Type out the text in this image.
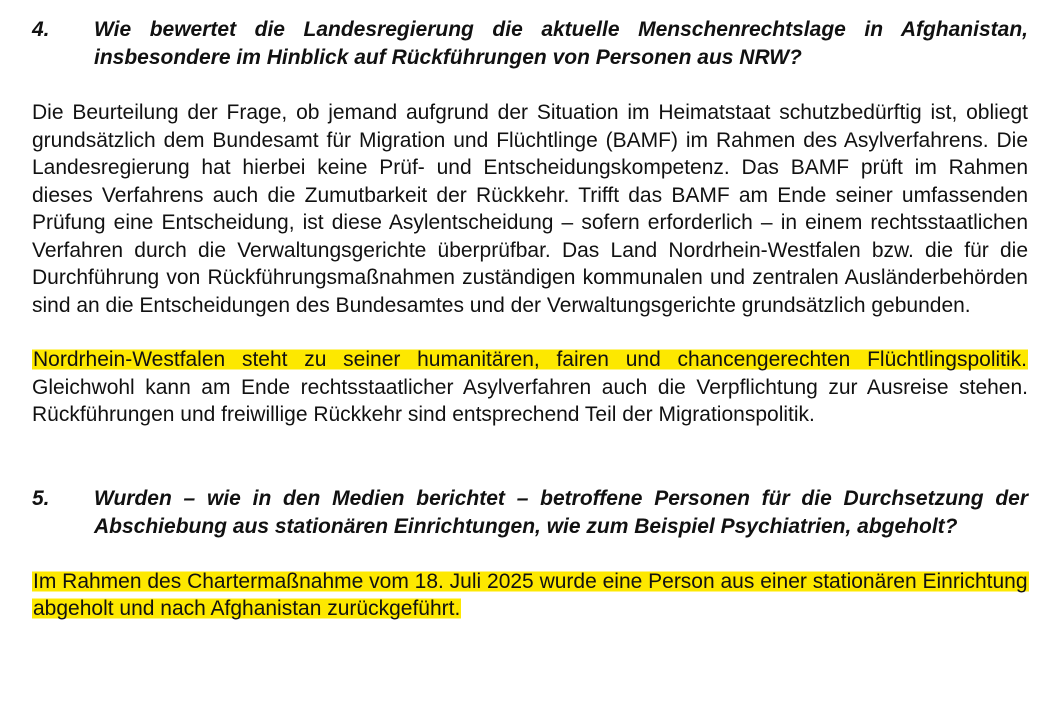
4.	Wie bewertet die Landesregierung die aktuelle Menschenrechtslage in Afghanistan, insbesondere im Hinblick auf Rückführungen von Personen aus NRW?

Die Beurteilung der Frage, ob jemand aufgrund der Situation im Heimatstaat schutzbedürftig ist, obliegt grundsätzlich dem Bundesamt für Migration und Flüchtlinge (BAMF) im Rahmen des Asylverfahrens. Die Landesregierung hat hierbei keine Prüf- und Entscheidungskompetenz. Das BAMF prüft im Rahmen dieses Verfahrens auch die Zumutbarkeit der Rückkehr. Trifft das BAMF am Ende seiner umfassenden Prüfung eine Entscheidung, ist diese Asylentscheidung – sofern erforderlich – in einem rechtsstaatlichen Verfahren durch die Verwaltungsgerichte überprüfbar. Das Land Nordrhein-Westfalen bzw. die für die Durchführung von Rückführungsmaßnahmen zuständigen kommunalen und zentralen Ausländerbehörden sind an die Entscheidungen des Bundesamtes und der Verwaltungsgerichte grundsätzlich gebunden.

Nordrhein-Westfalen steht zu seiner humanitären, fairen und chancengerechten Flüchtlingspolitik. Gleichwohl kann am Ende rechtsstaatlicher Asylverfahren auch die Verpflichtung zur Ausreise stehen. Rückführungen und freiwillige Rückkehr sind entsprechend Teil der Migrationspolitik.

5.	Wurden – wie in den Medien berichtet – betroffene Personen für die Durchsetzung der Abschiebung aus stationären Einrichtungen, wie zum Beispiel Psychiatrien, abgeholt?

Im Rahmen des Chartermaßnahme vom 18. Juli 2025 wurde eine Person aus einer stationären Einrichtung abgeholt und nach Afghanistan zurückgeführt.
